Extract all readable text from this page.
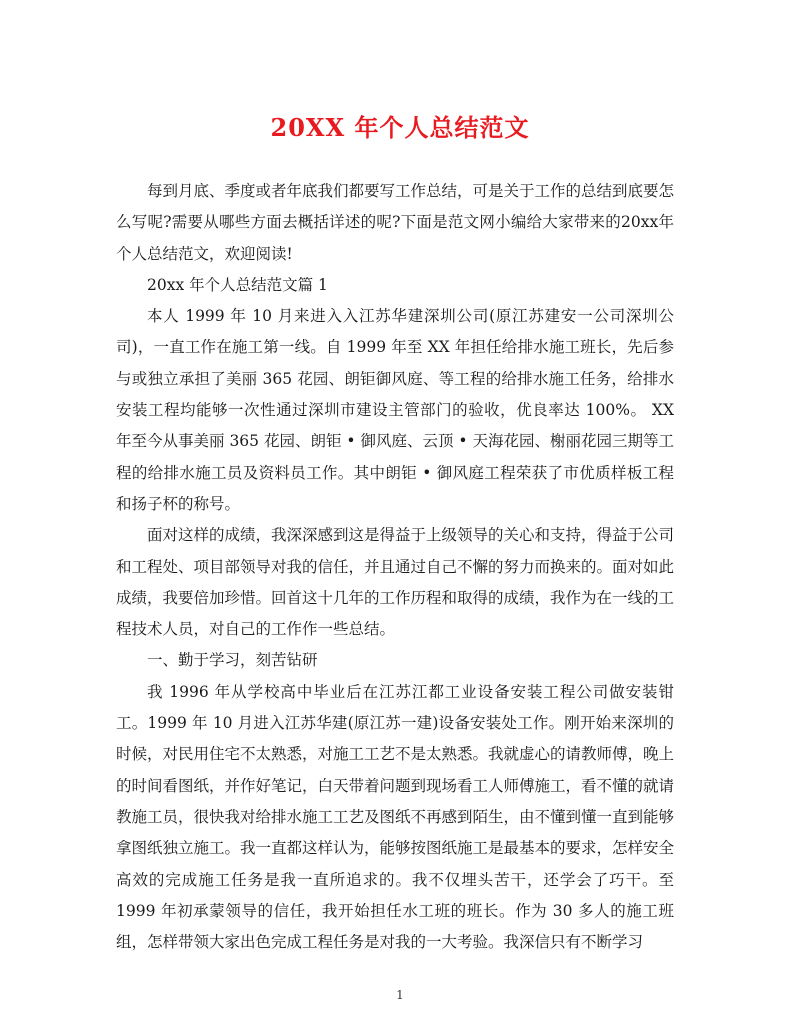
20XX 年个人总结范文

每到月底、季度或者年底我们都要写工作总结，可是关于工作的总结到底要怎么写呢?需要从哪些方面去概括详述的呢?下面是范文网小编给大家带来的20xx年个人总结范文，欢迎阅读!

20xx 年个人总结范文篇 1

本人 1999 年 10 月来进入入江苏华建深圳公司(原江苏建安一公司深圳公司)，一直工作在施工第一线。自 1999 年至 XX 年担任给排水施工班长，先后参与或独立承担了美丽 365 花园、朗钜御风庭、等工程的给排水施工任务，给排水安装工程均能够一次性通过深圳市建设主管部门的验收，优良率达 100%。 XX 年至今从事美丽 365 花园、朗钜 • 御风庭、云顶 • 天海花园、榭丽花园三期等工程的给排水施工员及资料员工作。其中朗钜 • 御风庭工程荣获了市优质样板工程和扬子杯的称号。

面对这样的成绩，我深深感到这是得益于上级领导的关心和支持，得益于公司和工程处、项目部领导对我的信任，并且通过自己不懈的努力而换来的。面对如此成绩，我要倍加珍惜。回首这十几年的工作历程和取得的成绩，我作为在一线的工程技术人员，对自己的工作作一些总结。

一、勤于学习，刻苦钻研

我 1996 年从学校高中毕业后在江苏江都工业设备安装工程公司做安装钳工。1999 年 10 月进入江苏华建(原江苏一建)设备安装处工作。刚开始来深圳的时候，对民用住宅不太熟悉，对施工工艺不是太熟悉。我就虚心的请教师傅，晚上的时间看图纸，并作好笔记，白天带着问题到现场看工人师傅施工，看不懂的就请教施工员，很快我对给排水施工工艺及图纸不再感到陌生，由不懂到懂一直到能够拿图纸独立施工。我一直都这样认为，能够按图纸施工是最基本的要求，怎样安全高效的完成施工任务是我一直所追求的。我不仅埋头苦干，还学会了巧干。至 1999 年初承蒙领导的信任，我开始担任水工班的班长。作为 30 多人的施工班组，怎样带领大家出色完成工程任务是对我的一大考验。我深信只有不断学习

1
